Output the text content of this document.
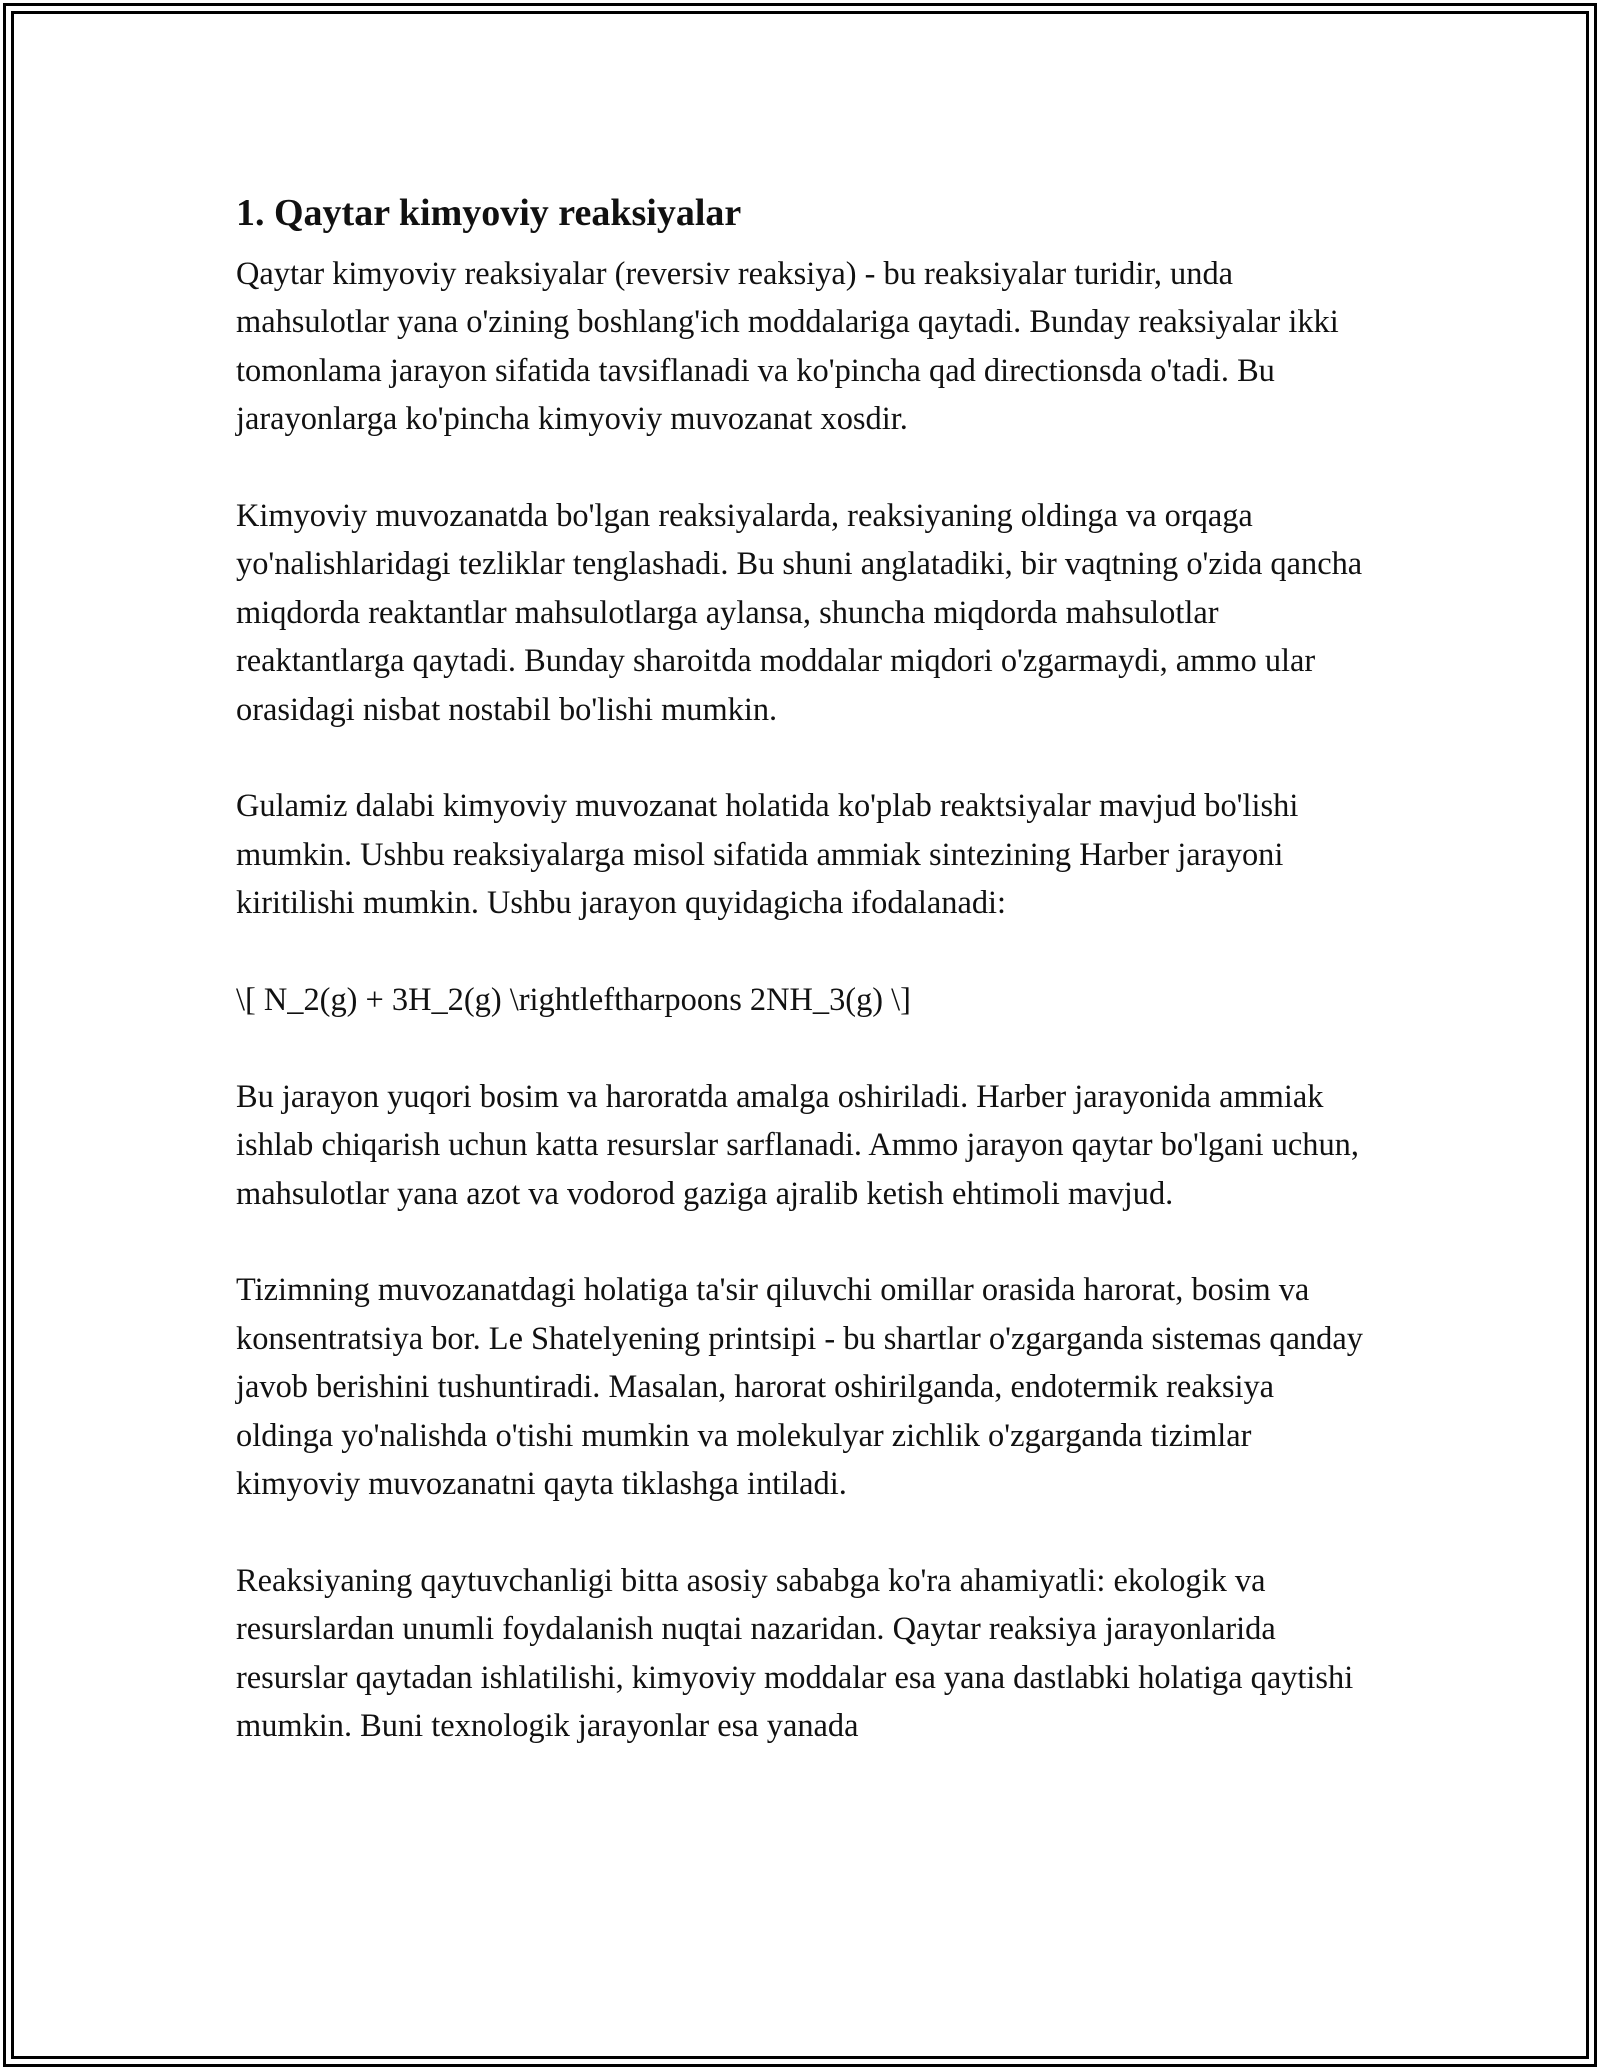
1. Qaytar kimyoviy reaksiyalar

Qaytar kimyoviy reaksiyalar (reversiv reaksiya) - bu reaksiyalar turidir, unda mahsulotlar yana o'zining boshlang'ich moddalariga qaytadi. Bunday reaksiyalar ikki tomonlama jarayon sifatida tavsiflanadi va ko'pincha qad directionsda o'tadi. Bu jarayonlarga ko'pincha kimyoviy muvozanat xosdir.

Kimyoviy muvozanatda bo'lgan reaksiyalarda, reaksiyaning oldinga va orqaga yo'nalishlaridagi tezliklar tenglashadi. Bu shuni anglatadiki, bir vaqtning o'zida qancha miqdorda reaktantlar mahsulotlarga aylansa, shuncha miqdorda mahsulotlar reaktantlarga qaytadi. Bunday sharoitda moddalar miqdori o'zgarmaydi, ammo ular orasidagi nisbat nostabil bo'lishi mumkin.

Gulamiz dalabi kimyoviy muvozanat holatida ko'plab reaktsiyalar mavjud bo'lishi mumkin. Ushbu reaksiyalarga misol sifatida ammiak sintezining Harber jarayoni kiritilishi mumkin. Ushbu jarayon quyidagicha ifodalanadi:

\[ N_2(g) + 3H_2(g) \rightleftharpoons 2NH_3(g) \]

Bu jarayon yuqori bosim va haroratda amalga oshiriladi. Harber jarayonida ammiak ishlab chiqarish uchun katta resurslar sarflanadi. Ammo jarayon qaytar bo'lgani uchun, mahsulotlar yana azot va vodorod gaziga ajralib ketish ehtimoli mavjud.

Tizimning muvozanatdagi holatiga ta'sir qiluvchi omillar orasida harorat, bosim va konsentratsiya bor. Le Shatelyening printsipi - bu shartlar o'zgarganda sistemas qanday javob berishini tushuntiradi. Masalan, harorat oshirilganda, endotermik reaksiya oldinga yo'nalishda o'tishi mumkin va molekulyar zichlik o'zgarganda tizimlar kimyoviy muvozanatni qayta tiklashga intiladi.

Reaksiyaning qaytuvchanligi bitta asosiy sababga ko'ra ahamiyatli: ekologik va resurslardan unumli foydalanish nuqtai nazaridan. Qaytar reaksiya jarayonlarida resurslar qaytadan ishlatilishi, kimyoviy moddalar esa yana dastlabki holatiga qaytishi mumkin. Buni texnologik jarayonlar esa yanada
